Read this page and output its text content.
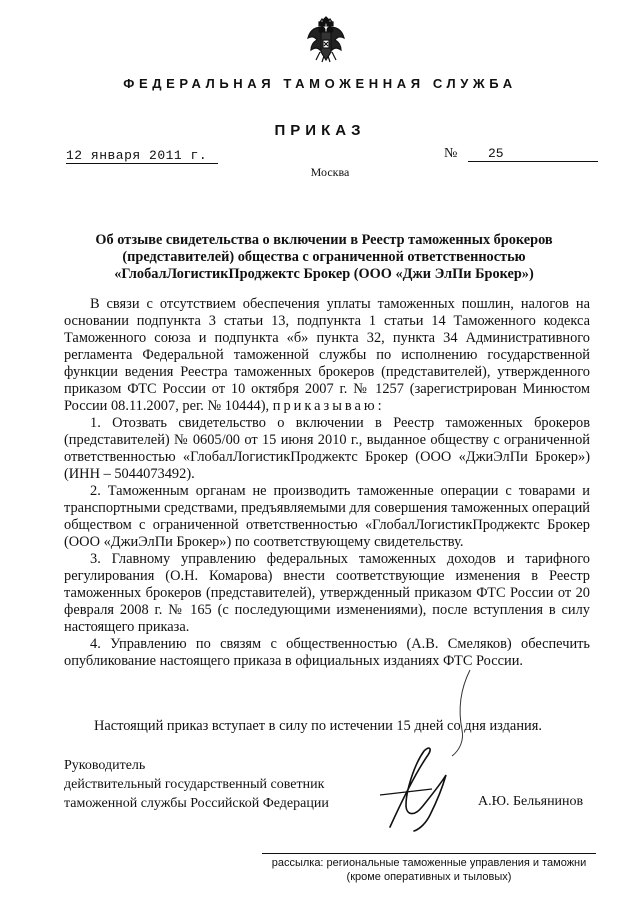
ФЕДЕРАЛЬНАЯ ТАМОЖЕННАЯ СЛУЖБА
ПРИКАЗ
12 января 2011 г.	№ 25
Москва
Об отзыве свидетельства о включении в Реестр таможенных брокеров
(представителей) общества с ограниченной ответственностью
«ГлобалЛогистикПроджектс Брокер (ООО «Джи ЭлПи Брокер»)

В связи с отсутствием обеспечения уплаты таможенных пошлин, налогов на основании подпункта 3 статьи 13, подпункта 1 статьи 14 Таможенного кодекса Таможенного союза и подпункта «б» пункта 32, пункта 34 Административного регламента Федеральной таможенной службы по исполнению государственной функции ведения Реестра таможенных брокеров (представителей), утвержденного приказом ФТС России от 10 октября 2007 г. № 1257 (зарегистрирован Минюстом России 08.11.2007, рег. № 10444), приказываю:

1. Отозвать свидетельство о включении в Реестр таможенных брокеров (представителей) № 0605/00 от 15 июня 2010 г., выданное обществу с ограниченной ответственностью «ГлобалЛогистикПроджектс Брокер (ООО «ДжиЭлПи Брокер») (ИНН – 5044073492).

2. Таможенным органам не производить таможенные операции с товарами и транспортными средствами, предъявляемыми для совершения таможенных операций обществом с ограниченной ответственностью «ГлобалЛогистикПроджектс Брокер (ООО «ДжиЭлПи Брокер») по соответствующему свидетельству.

3. Главному управлению федеральных таможенных доходов и тарифного регулирования (О.Н. Комарова) внести соответствующие изменения в Реестр таможенных брокеров (представителей), утвержденный приказом ФТС России от 20 февраля 2008 г. № 165 (с последующими изменениями), после вступления в силу настоящего приказа.

4. Управлению по связям с общественностью (А.В. Смеляков) обеспечить опубликование настоящего приказа в официальных изданиях ФТС России.

Настоящий приказ вступает в силу по истечении 15 дней со дня издания.
Руководитель
действительный государственный советник
таможенной службы Российской Федерации	А.Ю. Бельянинов
рассылка: региональные таможенные управления и таможни
(кроме оперативных и тыловых)
